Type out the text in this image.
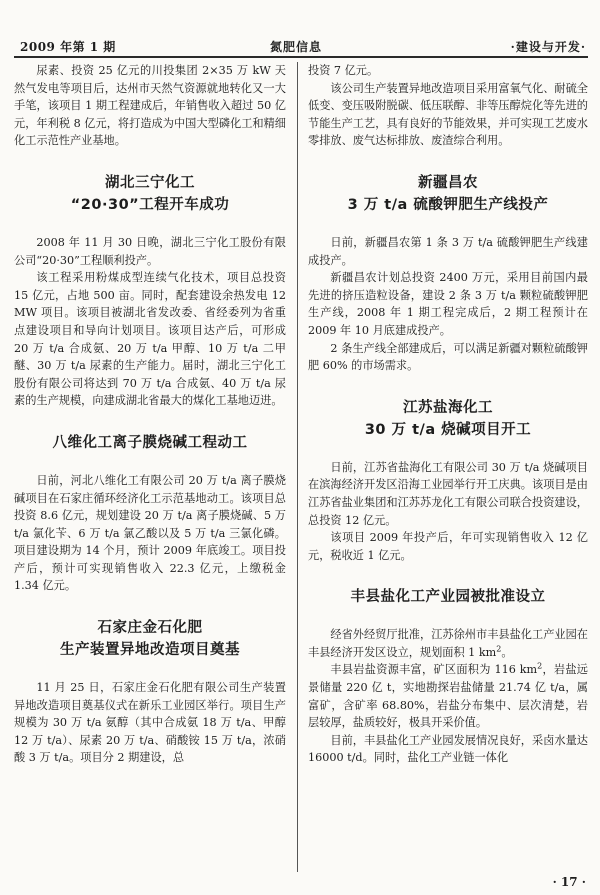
2009 年第 1 期	氮肥信息	·建设与开发·

尿素、投资 25 亿元的川投集团 2×35 万 kW 天然气发电等项目后，达州市天然气资源就地转化又一大手笔，该项目 1 期工程建成后，年销售收入超过 50 亿元，年利税 8 亿元，将打造成为中国大型磷化工和精细化工示范性产业基地。

湖北三宁化工
“20·30”工程开车成功

2008 年 11 月 30 日晚，湖北三宁化工股份有限公司“20·30”工程顺利投产。

该工程采用粉煤成型连续气化技术，项目总投资 15 亿元，占地 500 亩。同时，配套建设余热发电 12 MW 项目。该项目被湖北省发改委、省经委列为省重点建设项目和导向计划项目。该项目达产后，可形成 20 万 t/a 合成氨、20 万 t/a 甲醇、10 万 t/a 二甲醚、30 万 t/a 尿素的生产能力。届时，湖北三宁化工股份有限公司将达到 70 万 t/a 合成氨、40 万 t/a 尿素的生产规模，向建成湖北省最大的煤化工基地迈进。

八维化工离子膜烧碱工程动工

日前，河北八维化工有限公司 20 万 t/a 离子膜烧碱项目在石家庄循环经济化工示范基地动工。该项目总投资 8.6 亿元，规划建设 20 万 t/a 离子膜烧碱、5 万 t/a 氯化苄、6 万 t/a 氯乙酸以及 5 万 t/a 三氯化磷。项目建设期为 14 个月，预计 2009 年底竣工。项目投产后，预计可实现销售收入 22.3 亿元，上缴税金 1.34 亿元。

石家庄金石化肥
生产装置异地改造项目奠基

11 月 25 日，石家庄金石化肥有限公司生产装置异地改造项目奠基仪式在新乐工业园区举行。项目生产规模为 30 万 t/a 氨醇（其中合成氨 18 万 t/a、甲醇 12 万 t/a）、尿素 20 万 t/a、硝酸铵 15 万 t/a，浓硝酸 3 万 t/a。项目分 2 期建设，总

投资 7 亿元。

该公司生产装置异地改造项目采用富氧气化、耐硫全低变、变压吸附脱碳、低压联醇、非等压醇烷化等先进的节能生产工艺，具有良好的节能效果，并可实现工艺废水零排放、废气达标排放、废渣综合利用。

新疆昌农
3 万 t/a 硫酸钾肥生产线投产

日前，新疆昌农第 1 条 3 万 t/a 硫酸钾肥生产线建成投产。

新疆昌农计划总投资 2400 万元，采用目前国内最先进的挤压造粒设备，建设 2 条 3 万 t/a 颗粒硫酸钾肥生产线，2008 年 1 期工程完成后，2 期工程预计在 2009 年 10 月底建成投产。

2 条生产线全部建成后，可以满足新疆对颗粒硫酸钾肥 60% 的市场需求。

江苏盐海化工
30 万 t/a 烧碱项目开工

日前，江苏省盐海化工有限公司 30 万 t/a 烧碱项目在滨海经济开发区沿海工业园举行开工庆典。该项目是由江苏省盐业集团和江苏苏龙化工有限公司联合投资建设，总投资 12 亿元。

该项目 2009 年投产后，年可实现销售收入 12 亿元，税收近 1 亿元。

丰县盐化工产业园被批准设立

经省外经贸厅批准，江苏徐州市丰县盐化工产业园在丰县经济开发区设立，规划面积 1 $km^2$。

丰县岩盐资源丰富，矿区面积为 116 $km^2$，岩盐远景储量 220 亿 t，实地勘探岩盐储量 21.74 亿 t/a，属富矿，含矿率 68.80%，岩盐分布集中、层次清楚，岩层较厚，盐质较好，极具开采价值。

目前，丰县盐化工产业园发展情况良好，采卤水量达 16000 t/d。同时，盐化工产业链一体化

· 17 ·
